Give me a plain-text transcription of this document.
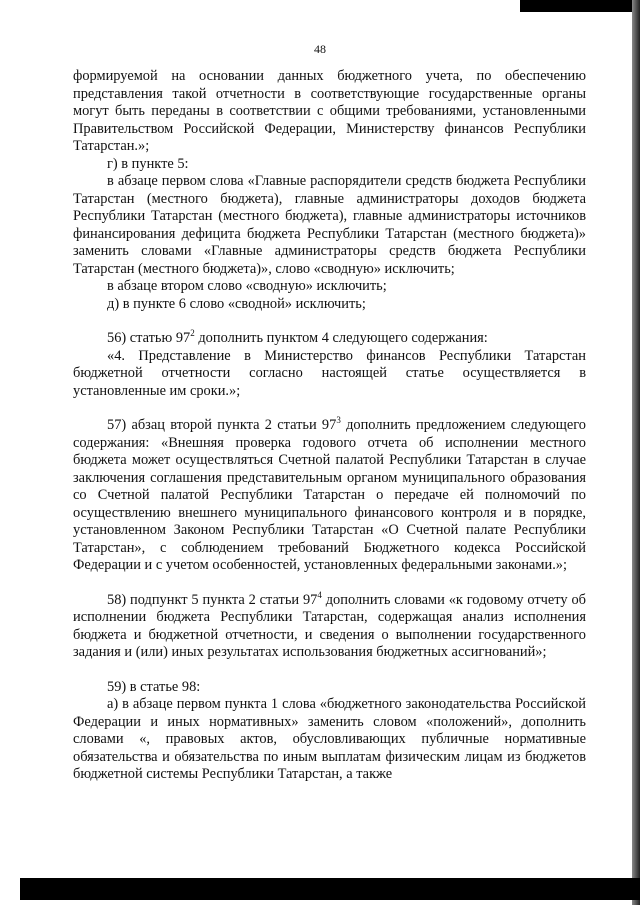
48

формируемой на основании данных бюджетного учета, по обеспечению представления такой отчетности в соответствующие государственные органы могут быть переданы в соответствии с общими требованиями, установленными Правительством Российской Федерации, Министерству финансов Республики Татарстан.»;

г) в пункте 5:

в абзаце первом слова «Главные распорядители средств бюджета Республики Татарстан (местного бюджета), главные администраторы доходов бюджета Республики Татарстан (местного бюджета), главные администраторы источников финансирования дефицита бюджета Республики Татарстан (местного бюджета)» заменить словами «Главные администраторы средств бюджета Республики Татарстан (местного бюджета)», слово «сводную» исключить;

в абзаце втором слово «сводную» исключить;

д) в пункте 6 слово «сводной» исключить;

56) статью $97^2$ дополнить пунктом 4 следующего содержания:

«4. Представление в Министерство финансов Республики Татарстан бюджетной отчетности согласно настоящей статье осуществляется в установленные им сроки.»;

57) абзац второй пункта 2 статьи $97^3$ дополнить предложением следующего содержания: «Внешняя проверка годового отчета об исполнении местного бюджета может осуществляться Счетной палатой Республики Татарстан в случае заключения соглашения представительным органом муниципального образования со Счетной палатой Республики Татарстан о передаче ей полномочий по осуществлению внешнего муниципального финансового контроля и в порядке, установленном Законом Республики Татарстан «О Счетной палате Республики Татарстан», с соблюдением требований Бюджетного кодекса Российской Федерации и с учетом особенностей, установленных федеральными законами.»;

58) подпункт 5 пункта 2 статьи $97^4$ дополнить словами «к годовому отчету об исполнении бюджета Республики Татарстан, содержащая анализ исполнения бюджета и бюджетной отчетности, и сведения о выполнении государственного задания и (или) иных результатах использования бюджетных ассигнований»;

59) в статье 98:

а) в абзаце первом пункта 1 слова «бюджетного законодательства Российской Федерации и иных нормативных» заменить словом «положений», дополнить словами «, правовых актов, обусловливающих публичные нормативные обязательства и обязательства по иным выплатам физическим лицам из бюджетов бюджетной системы Республики Татарстан, а также
